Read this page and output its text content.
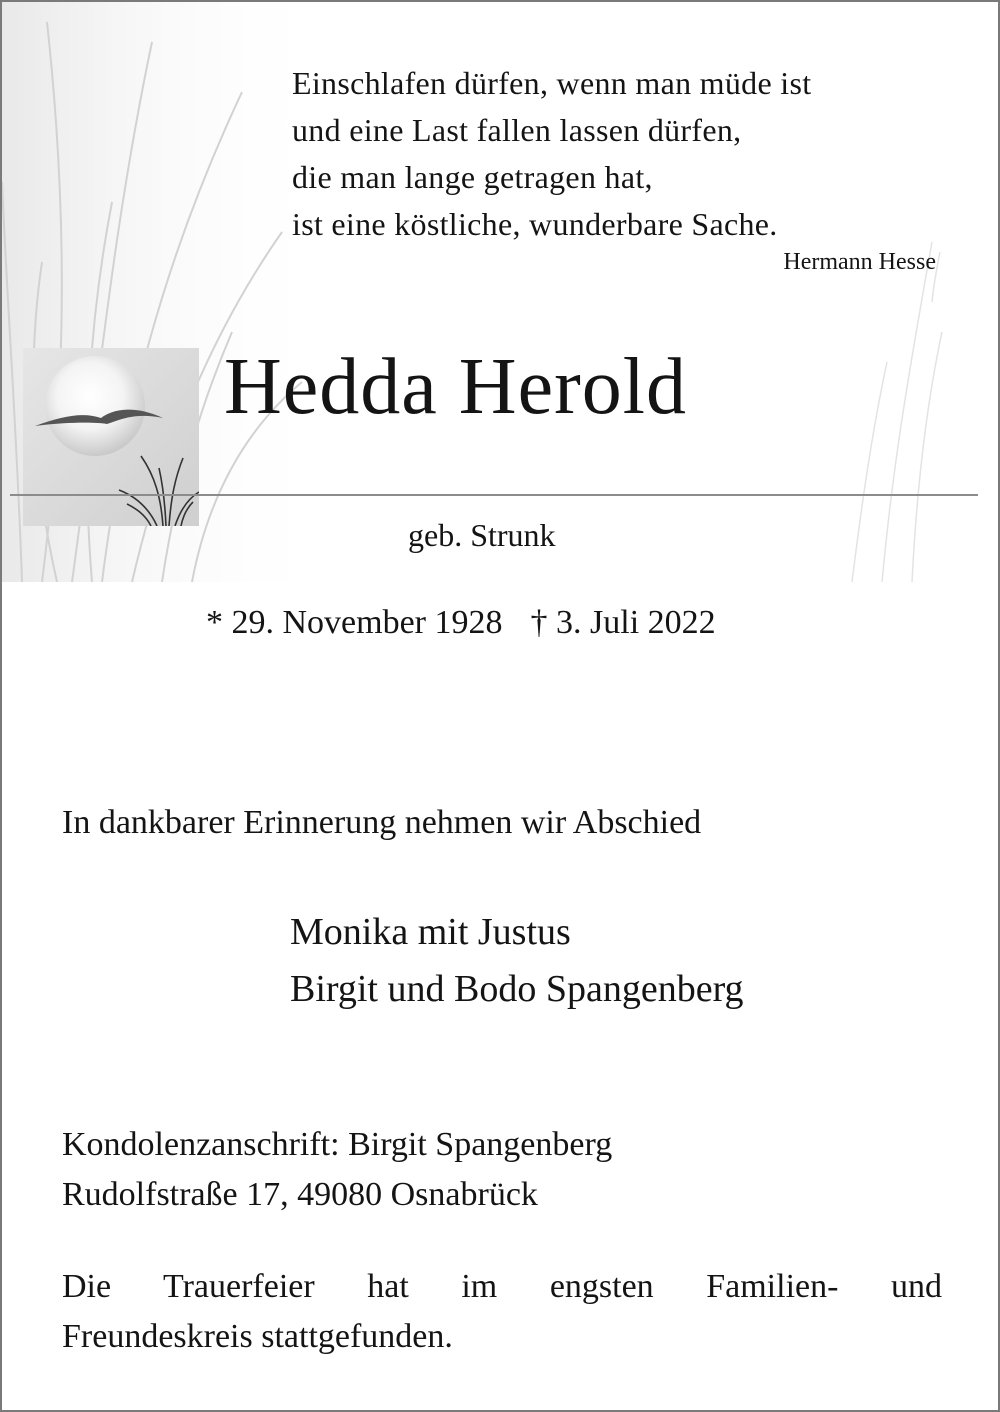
Einschlafen dürfen, wenn man müde ist
und eine Last fallen lassen dürfen,
die man lange getragen hat,
ist eine köstliche, wunderbare Sache.
Hermann Hesse
Hedda Herold
geb. Strunk
* 29. November 1928 † 3. Juli 2022
In dankbarer Erinnerung nehmen wir Abschied
Monika mit Justus
Birgit und Bodo Spangenberg
Kondolenzanschrift: Birgit Spangenberg
Rudolfstraße 17, 49080 Osnabrück
Die Trauerfeier hat im engsten Familien- und
Freundeskreis stattgefunden.
